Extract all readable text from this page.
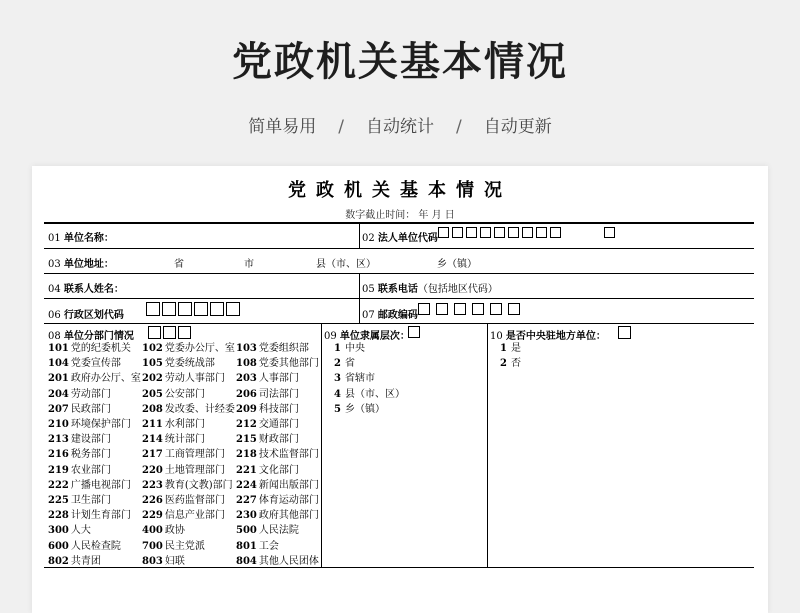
党政机关基本情况
简单易用 / 自动统计 / 自动更新
党政机关基本情况
数字截止时间： 年 月 日
01 单位名称：	02 法人单位代码
03 单位地址：	省	市	县（市、区）	乡（镇）
04 联系人姓名：	05 联系电话（包括地区代码）
06 行政区划代码	07 邮政编码
08 单位分部门情况	09 单位隶属层次：	10 是否中央驻地方单位：
101 党的纪委机关	102 党委办公厅、室 103 党委组织部
104 党委宣传部	105 党委统战部	108 党委其他部门
201 政府办公厅、室 202 劳动人事部门	203 人事部门
204 劳动部门	205 公安部门	206 司法部门
207 民政部门	208 发改委、计经委 209 科技部门
210 环境保护部门	211 水利部门	212 交通部门
213 建设部门	214 统计部门	215 财政部门
216 税务部门	217 工商管理部门	218 技术监督部门
219 农业部门	220 土地管理部门	221 文化部门
222 广播电视部门	223 教育(文教)部门 224 新闻出版部门
225 卫生部门	226 医药监督部门	227 体育运动部门
228 计划生育部门	229 信息产业部门	230 政府其他部门
300 人大	400 政协	500 人民法院
600 人民检查院	700 民主党派	801 工会
802 共青团	803 妇联	804 其他人民团体
1 中央
2 省
3 省辖市
4 县（市、区）
5 乡（镇）
1 是
2 否
